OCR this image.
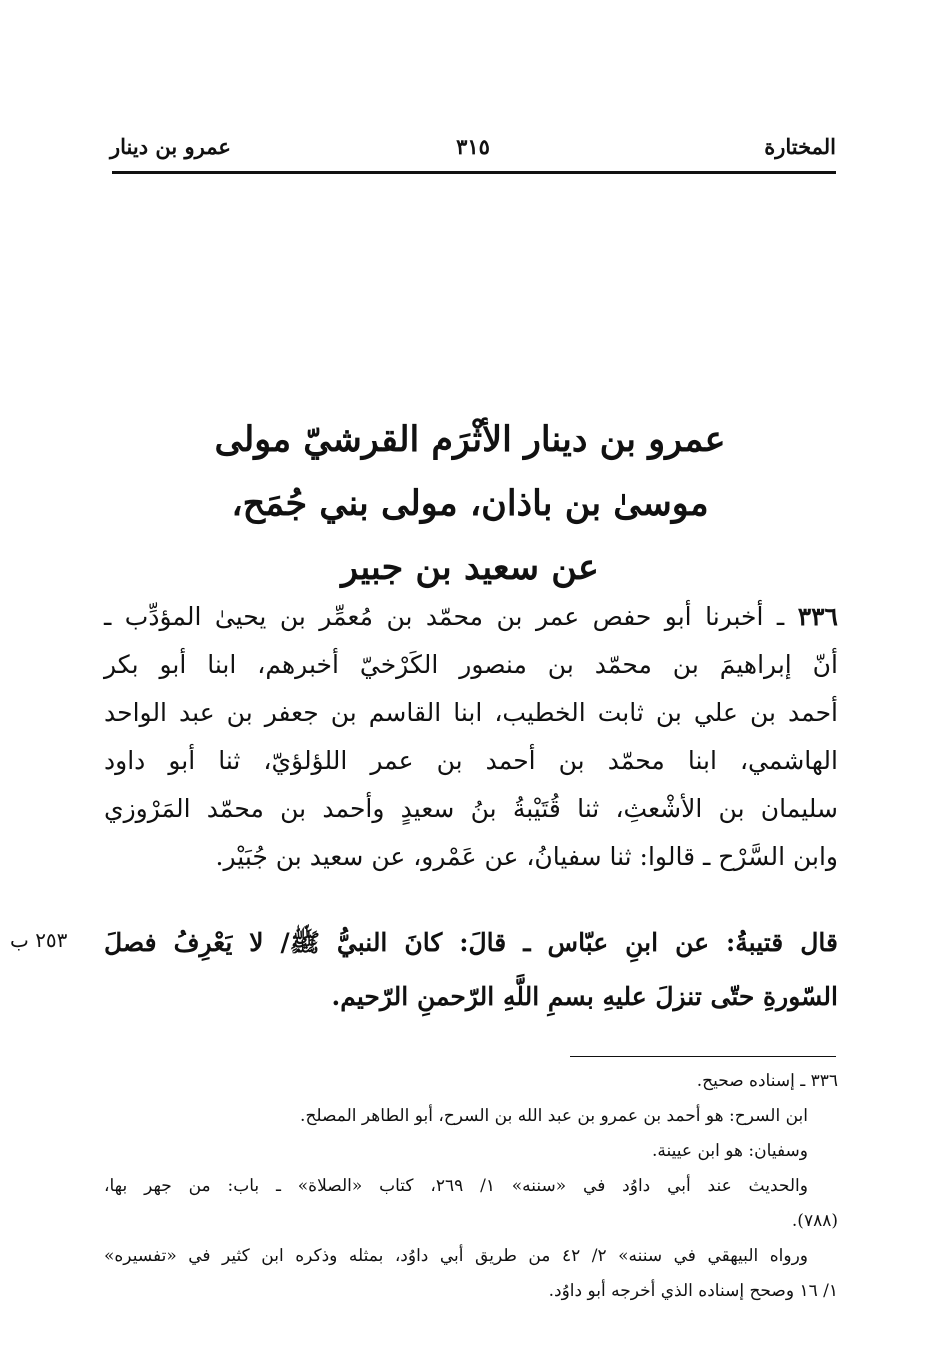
المختارة
٣١٥
عمرو بن دينار
عمرو بن دينار الأثْرَم القرشيّ مولى
موسىٰ بن باذان، مولى بني جُمَح،
عن سعيد بن جبير
٣٣٦ ـ أخبرنا أبو حفص عمر بن محمّد بن مُعمِّر بن يحيىٰ المؤدِّب ـ
أنّ إبراهيمَ بن محمّد بن منصور الكَرْخيّ أخبرهم، ابنا أبو بكر
أحمد بن علي بن ثابت الخطيب، ابنا القاسم بن جعفر بن عبد الواحد
الهاشمي، ابنا محمّد بن أحمد بن عمر اللؤلؤيّ، ثنا أبو داود
سليمان بن الأشْعثِ، ثنا قُتَيْبةُ بنُ سعيدٍ وأحمد بن محمّد المَرْوزي
وابن السَّرْح ـ قالوا: ثنا سفيانُ، عن عَمْرو، عن سعيد بن جُبَيْر.
قال قتيبةُ: عن ابنِ عبّاس ـ قالَ: كانَ النبيُّ ﷺ/ لا يَعْرِفُ فصلَ
السّورةِ حتّى تنزلَ عليهِ بسمِ اللَّهِ الرّحمنِ الرّحيم.
٢٥٣ ب
٣٣٦ ـ إسناده صحيح.
ابن السرح: هو أحمد بن عمرو بن عبد الله بن السرح، أبو الطاهر المصلح.
وسفيان: هو ابن عيينة.
والحديث عند أبي داوُد في «سننه» ١/ ٢٦٩، كتاب «الصلاة» ـ باب: من جهر بها،
(٧٨٨).
ورواه البيهقي في سننه» ٢/ ٤٢ من طريق أبي داوُد، بمثله وذكره ابن كثير في «تفسيره»
١/ ١٦ وصحح إسناده الذي أخرجه أبو داوُد.
